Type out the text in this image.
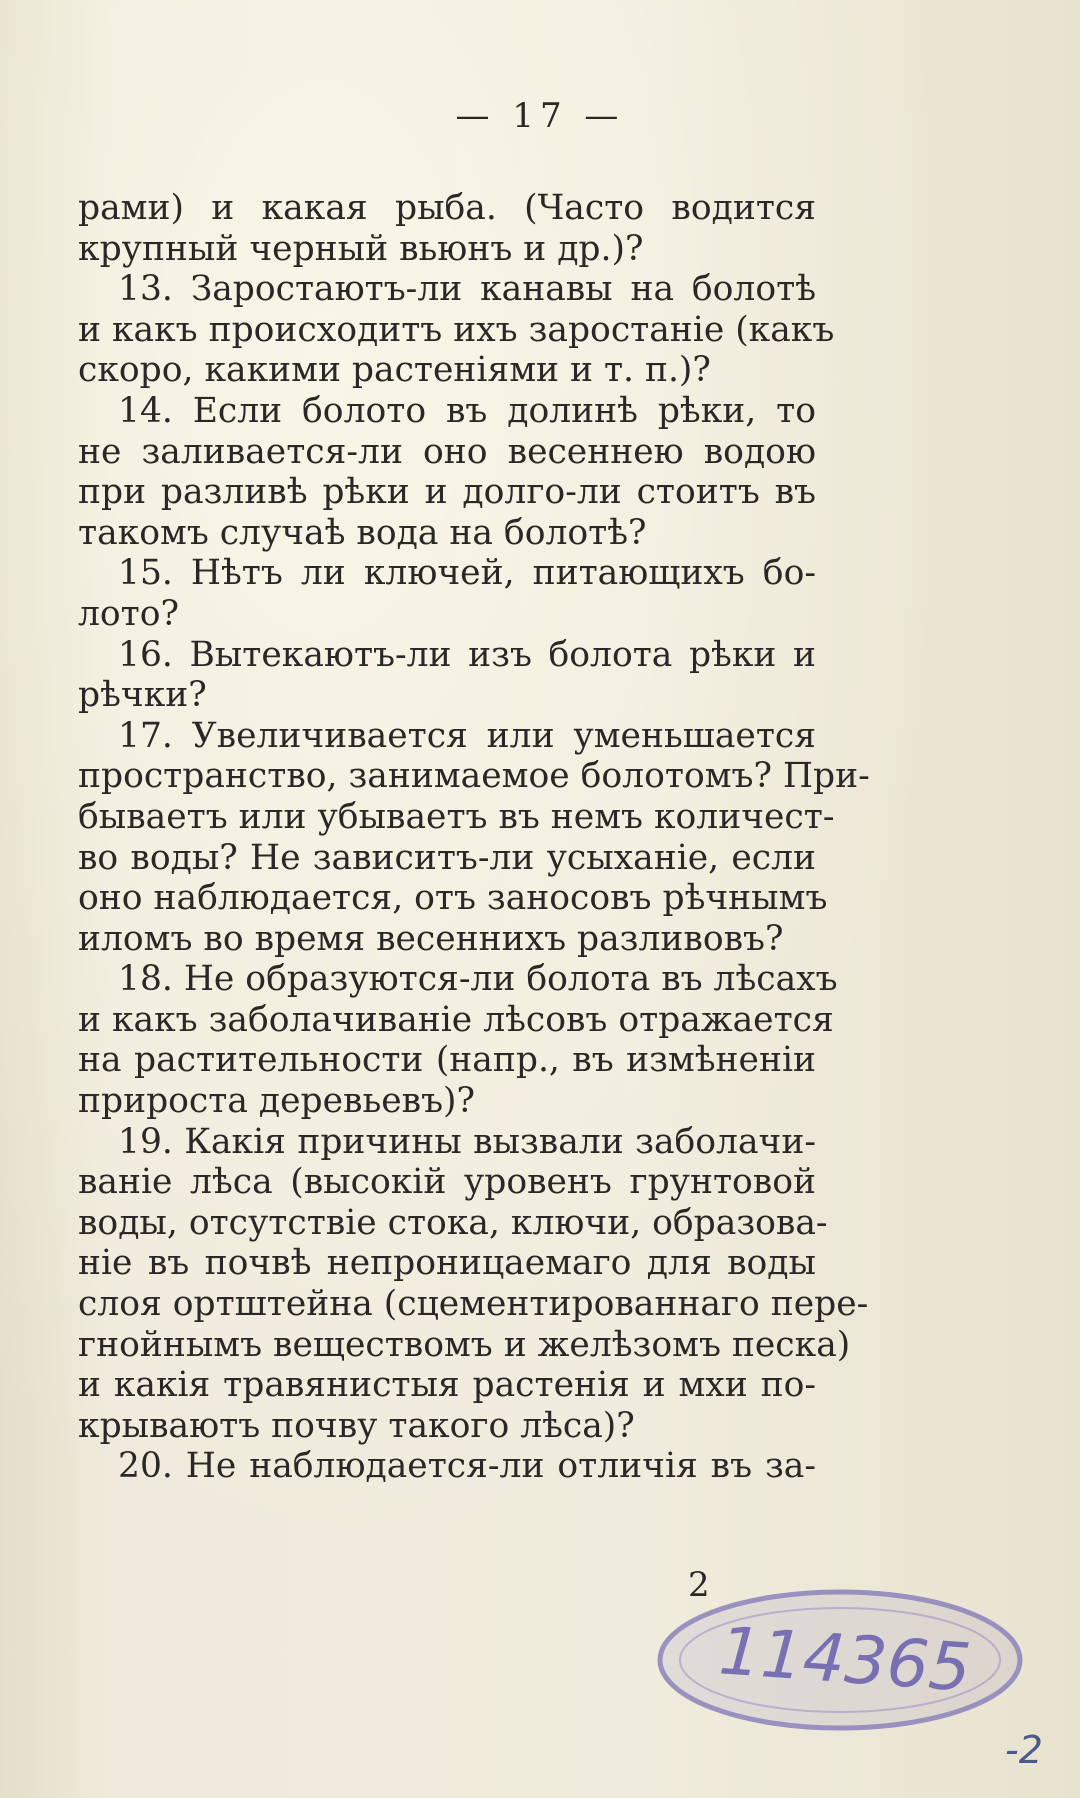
— 17 —
рами) и какая рыба. (Часто водится
крупный черный вьюнъ и др.)?
13. Заростаютъ-ли канавы на болотѣ
и какъ происходитъ ихъ заростаніе (какъ
скоро, какими растеніями и т. п.)?
14. Если болото въ долинѣ рѣки, то
не заливается-ли оно весеннею водою
при разливѣ рѣки и долго-ли стоитъ въ
такомъ случаѣ вода на болотѣ?
15. Нѣтъ ли ключей, питающихъ бо-
лото?
16. Вытекаютъ-ли изъ болота рѣки и
рѣчки?
17. Увеличивается или уменьшается
пространство, занимаемое болотомъ? При-
бываетъ или убываетъ въ немъ количест-
во воды? Не зависитъ-ли усыханіе, если
оно наблюдается, отъ заносовъ рѣчнымъ
иломъ во время весеннихъ разливовъ?
18. Не образуются-ли болота въ лѣсахъ
и какъ заболачиваніе лѣсовъ отражается
на растительности (напр., въ измѣненіи
прироста деревьевъ)?
19. Какія причины вызвали заболачи-
ваніе лѣса (высокій уровенъ грунтовой
воды, отсутствіе стока, ключи, образова-
ніе въ почвѣ непроницаемаго для воды
слоя ортштейна (сцементированнаго пере-
гнойнымъ веществомъ и желѣзомъ песка)
и какія травянистыя растенія и мхи по-
крываютъ почву такого лѣса)?
20. Не наблюдается-ли отличія въ за-
2
114365
-2
